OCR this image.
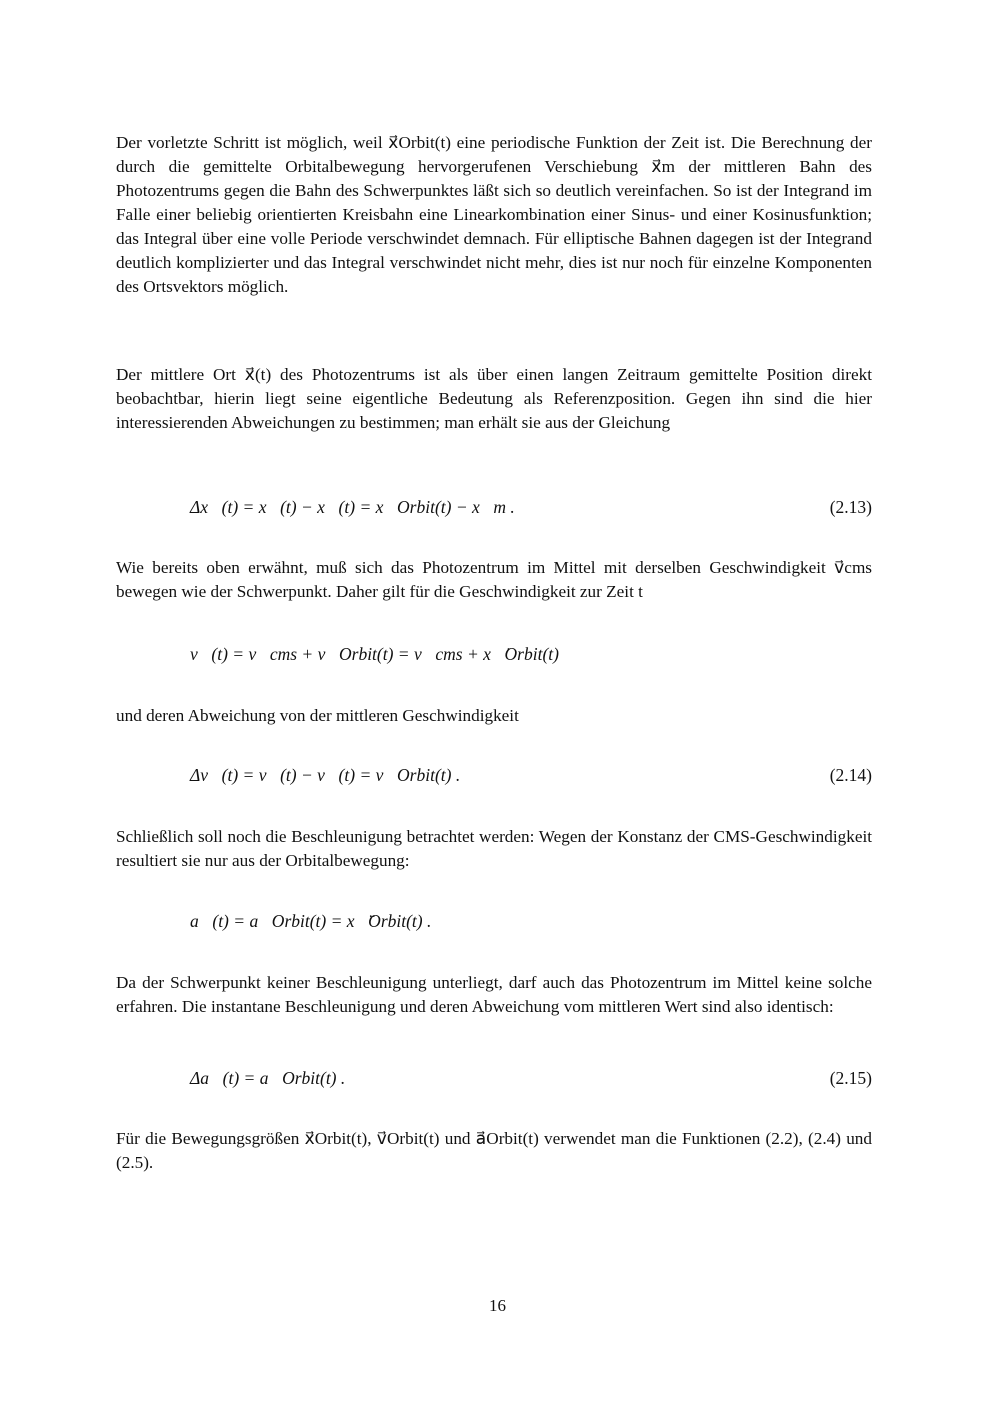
Der vorletzte Schritt ist möglich, weil x⃗Orbit(t) eine periodische Funktion der Zeit ist. Die Berechnung der durch die gemittelte Orbitalbewegung hervorgerufenen Verschiebung x⃗m der mittleren Bahn des Photozentrums gegen die Bahn des Schwerpunktes läßt sich so deutlich vereinfachen. So ist der Integrand im Falle einer beliebig orientierten Kreisbahn eine Linearkombination einer Sinus- und einer Kosinusfunktion; das Integral über eine volle Periode verschwindet demnach. Für elliptische Bahnen dagegen ist der Integrand deutlich komplizierter und das Integral verschwindet nicht mehr, dies ist nur noch für einzelne Komponenten des Ortsvektors möglich.

Der mittlere Ort x⃗(t) des Photozentrums ist als über einen langen Zeitraum gemittelte Position direkt beobachtbar, hierin liegt seine eigentliche Bedeutung als Referenzposition. Gegen ihn sind die hier interessierenden Abweichungen zu bestimmen; man erhält sie aus der Gleichung

Δx⃗(t) = x⃗(t) − x⃗(t) = x⃗Orbit(t) − x⃗m .	(2.13)

Wie bereits oben erwähnt, muß sich das Photozentrum im Mittel mit derselben Geschwindigkeit v⃗cms bewegen wie der Schwerpunkt. Daher gilt für die Geschwindigkeit zur Zeit t

v⃗(t) = v⃗cms + v⃗Orbit(t) = v⃗cms + x⃗̇Orbit(t)

und deren Abweichung von der mittleren Geschwindigkeit

Δv⃗(t) = v⃗(t) − v⃗(t) = v⃗Orbit(t) .	(2.14)

Schließlich soll noch die Beschleunigung betrachtet werden: Wegen der Konstanz der CMS-Geschwindigkeit resultiert sie nur aus der Orbitalbewegung:

a⃗(t) = a⃗Orbit(t) = x⃗̈Orbit(t) .

Da der Schwerpunkt keiner Beschleunigung unterliegt, darf auch das Photozentrum im Mittel keine solche erfahren. Die instantane Beschleunigung und deren Abweichung vom mittleren Wert sind also identisch:

Δa⃗(t) = a⃗Orbit(t) .	(2.15)

Für die Bewegungsgrößen x⃗Orbit(t), v⃗Orbit(t) und a⃗Orbit(t) verwendet man die Funktionen (2.2), (2.4) und (2.5).

16
